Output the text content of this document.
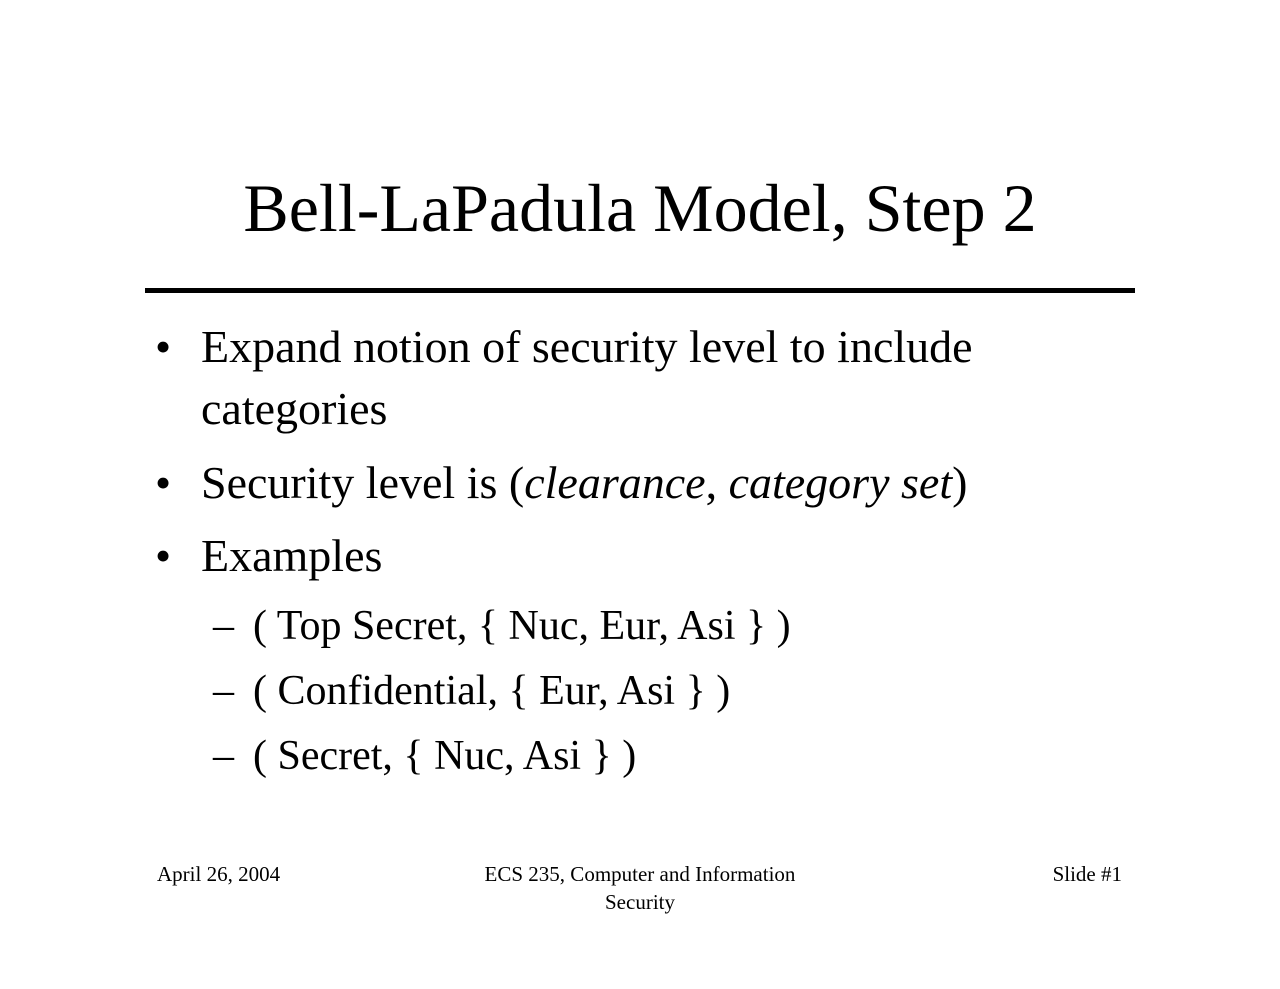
Bell-LaPadula Model, Step 2
• Expand notion of security level to include
categories
• Security level is (clearance, category set)
• Examples
– ( Top Secret, { Nuc, Eur, Asi } )
– ( Confidential, { Eur, Asi } )
– ( Secret, { Nuc, Asi } )
April 26, 2004	ECS 235, Computer and Information
Security
Slide #1
